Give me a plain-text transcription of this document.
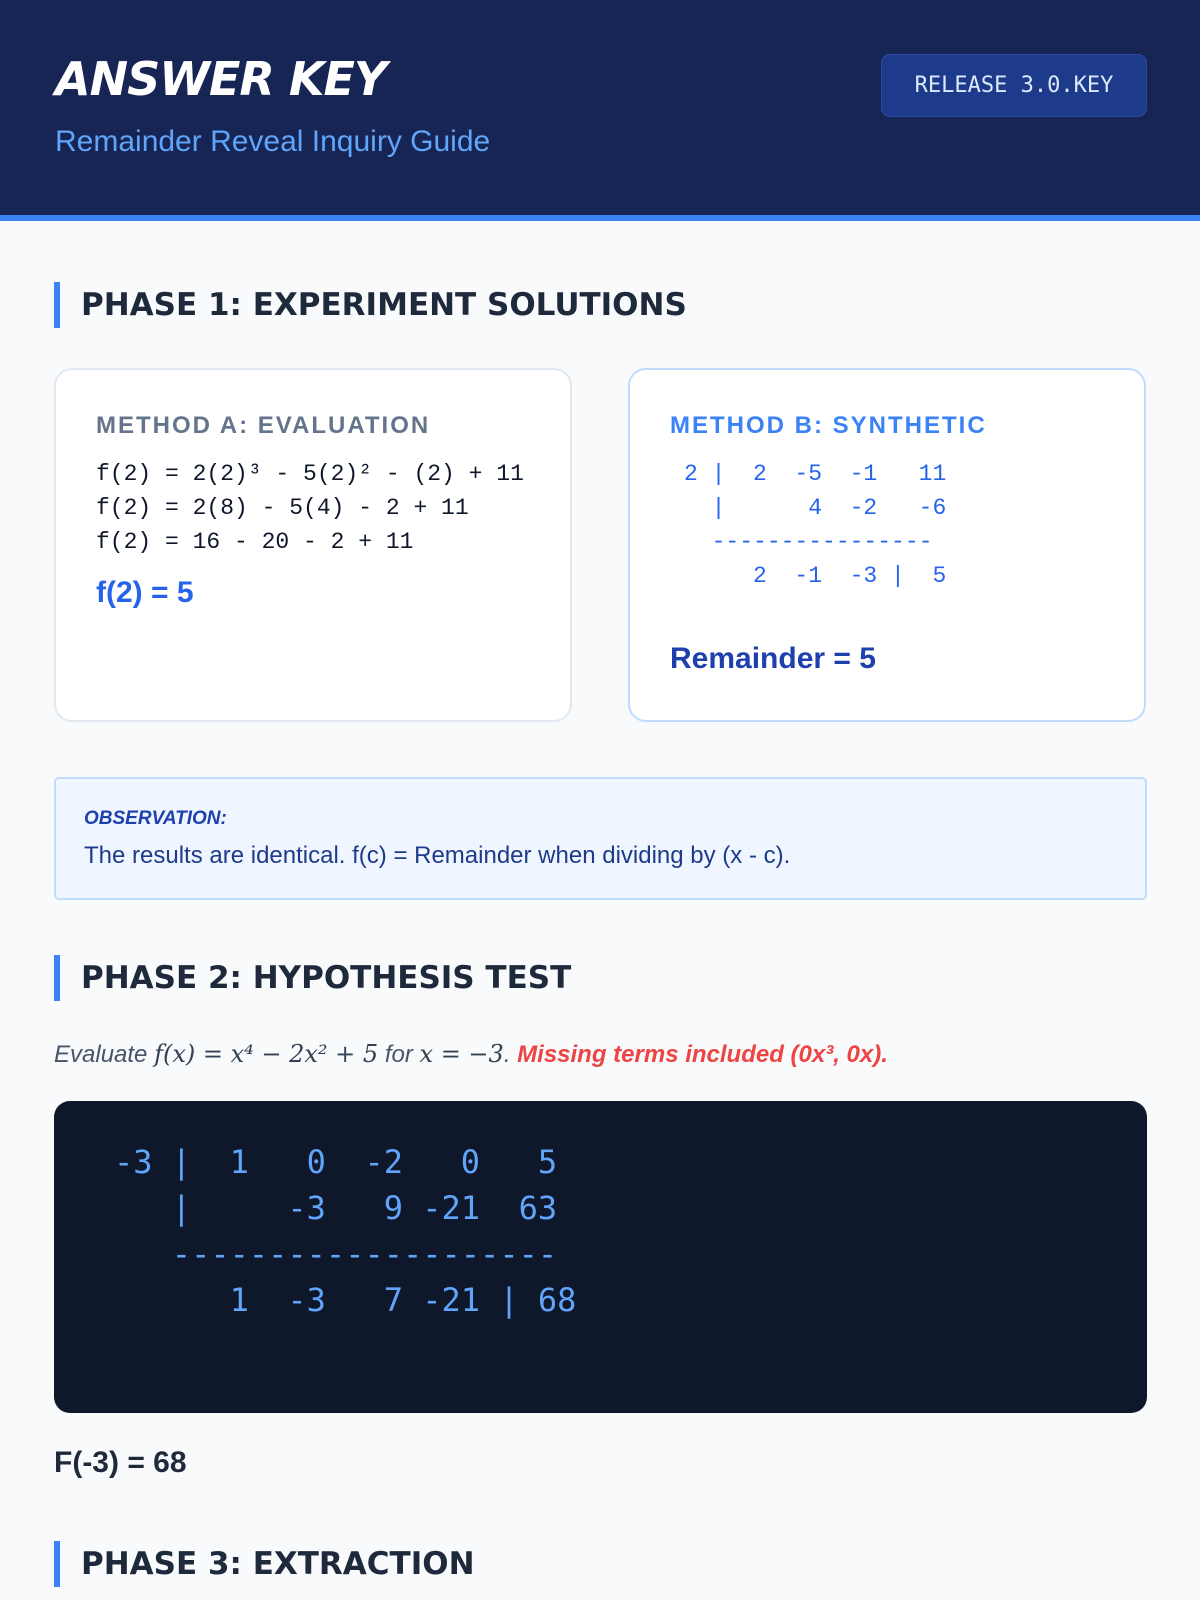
ANSWER KEY
Remainder Reveal Inquiry Guide
RELEASE 3.0.KEY
PHASE 1: EXPERIMENT SOLUTIONS
METHOD A: EVALUATION
f(2) = 2(2)³ - 5(2)² - (2) + 11
f(2) = 2(8) - 5(4) - 2 + 11
f(2) = 16 - 20 - 2 + 11
f(2) = 5
METHOD B: SYNTHETIC
2 |  2  -5  -1   11
|      4  -2   -6
----------------
2  -1  -3 |  5
Remainder = 5
OBSERVATION:
The results are identical. f(c) = Remainder when dividing by (x - c).
PHASE 2: HYPOTHESIS TEST
Evaluate f(x) = x⁴ − 2x² + 5 for x = −3. Missing terms included (0x³, 0x).
-3 |  1   0  -2   0   5
|     -3   9 -21  63
--------------------
1  -3   7 -21 | 68
F(-3) = 68
PHASE 3: EXTRACTION
